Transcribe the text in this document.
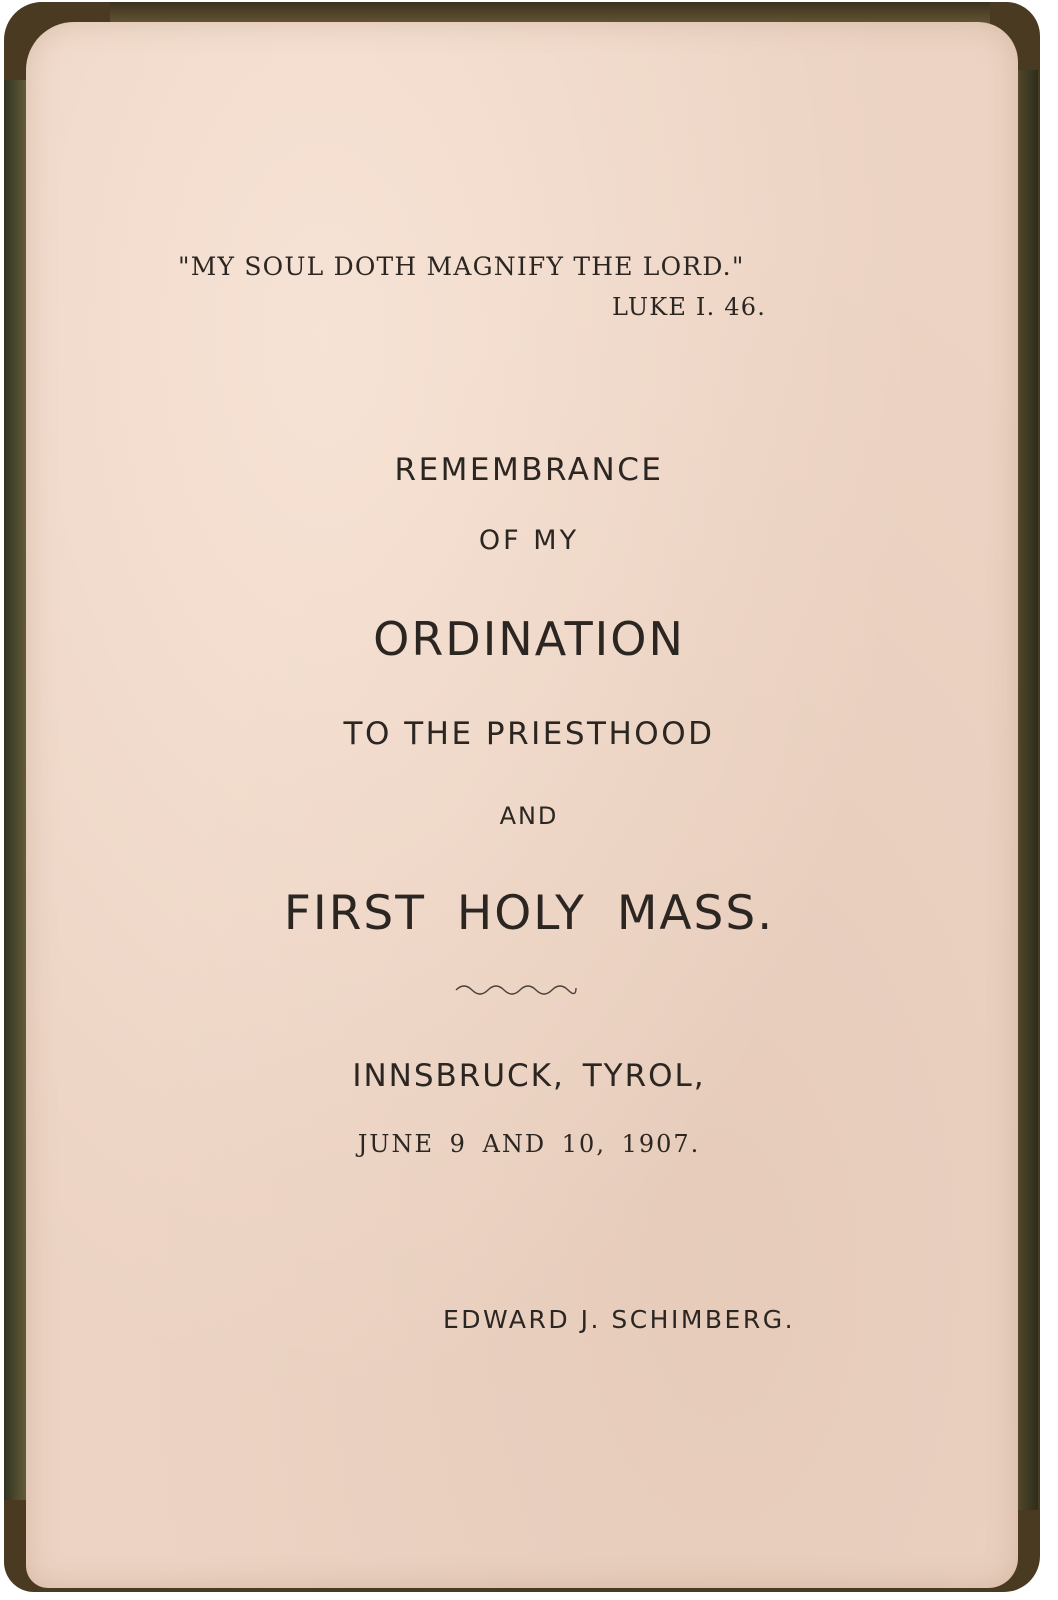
"MY SOUL DOTH MAGNIFY THE LORD."
LUKE I. 46.
REMEMBRANCE
OF MY
ORDINATION
TO THE PRIESTHOOD
AND
FIRST HOLY MASS.
INNSBRUCK, TYROL,
JUNE 9 AND 10, 1907.
EDWARD J. SCHIMBERG.
